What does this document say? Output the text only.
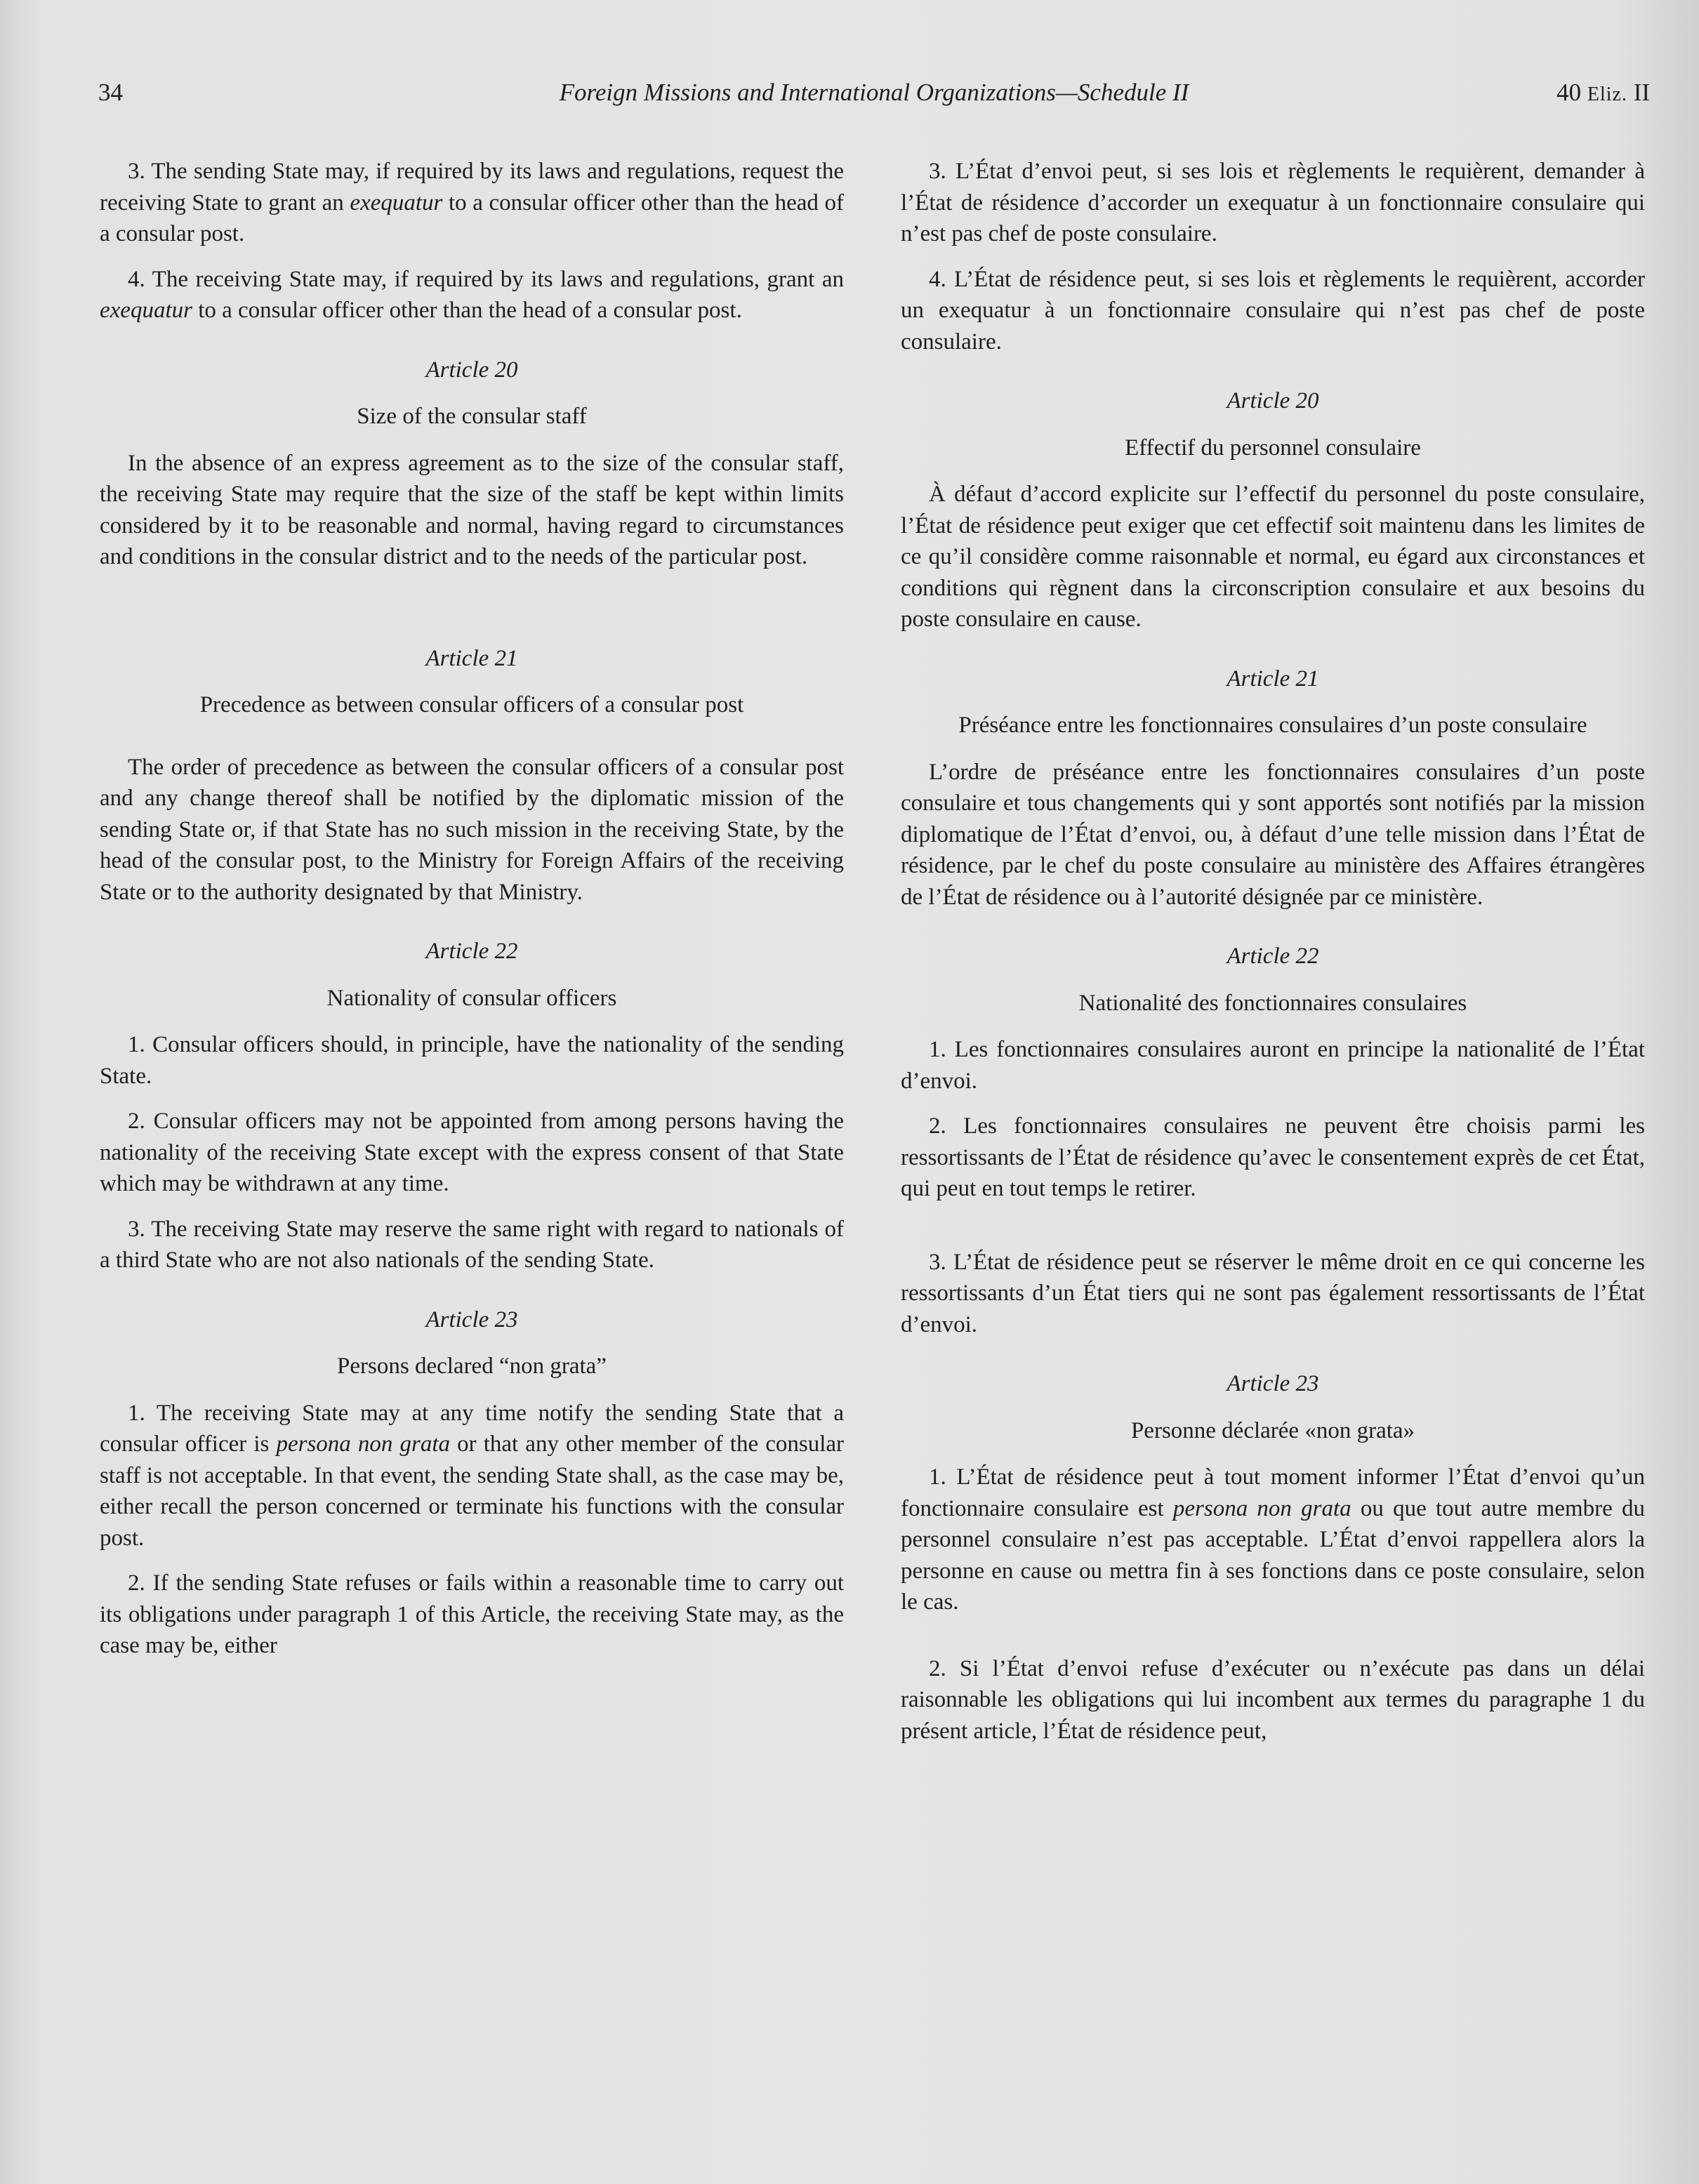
34	Foreign Missions and International Organizations—Schedule II	40 Eliz. II

3. The sending State may, if required by its laws and regulations, request the receiving State to grant an exequatur to a consular officer other than the head of a consular post.

4. The receiving State may, if required by its laws and regulations, grant an exequatur to a consular officer other than the head of a consular post.

Article 20
Size of the consular staff

In the absence of an express agreement as to the size of the consular staff, the receiving State may require that the size of the staff be kept within limits considered by it to be reasonable and normal, having regard to circumstances and conditions in the consular district and to the needs of the particular post.

Article 21
Precedence as between consular officers of a consular post

The order of precedence as between the consular officers of a consular post and any change thereof shall be notified by the diplomatic mission of the sending State or, if that State has no such mission in the receiving State, by the head of the consular post, to the Ministry for Foreign Affairs of the receiving State or to the authority designated by that Ministry.

Article 22
Nationality of consular officers

1. Consular officers should, in principle, have the nationality of the sending State.

2. Consular officers may not be appointed from among persons having the nationality of the receiving State except with the express consent of that State which may be withdrawn at any time.

3. The receiving State may reserve the same right with regard to nationals of a third State who are not also nationals of the sending State.

Article 23
Persons declared “non grata”

1. The receiving State may at any time notify the sending State that a consular officer is persona non grata or that any other member of the consular staff is not acceptable. In that event, the sending State shall, as the case may be, either recall the person concerned or terminate his functions with the consular post.

2. If the sending State refuses or fails within a reasonable time to carry out its obligations under paragraph 1 of this Article, the receiving State may, as the case may be, either

3. L’État d’envoi peut, si ses lois et règlements le requièrent, demander à l’État de résidence d’accorder un exequatur à un fonctionnaire consulaire qui n’est pas chef de poste consulaire.

4. L’État de résidence peut, si ses lois et règlements le requièrent, accorder un exequatur à un fonctionnaire consulaire qui n’est pas chef de poste consulaire.

Article 20
Effectif du personnel consulaire

À défaut d’accord explicite sur l’effectif du personnel du poste consulaire, l’État de résidence peut exiger que cet effectif soit maintenu dans les limites de ce qu’il considère comme raisonnable et normal, eu égard aux circonstances et conditions qui règnent dans la circonscription consulaire et aux besoins du poste consulaire en cause.

Article 21
Préséance entre les fonctionnaires consulaires d’un poste consulaire

L’ordre de préséance entre les fonctionnaires consulaires d’un poste consulaire et tous changements qui y sont apportés sont notifiés par la mission diplomatique de l’État d’envoi, ou, à défaut d’une telle mission dans l’État de résidence, par le chef du poste consulaire au ministère des Affaires étrangères de l’État de résidence ou à l’autorité désignée par ce ministère.

Article 22
Nationalité des fonctionnaires consulaires

1. Les fonctionnaires consulaires auront en principe la nationalité de l’État d’envoi.

2. Les fonctionnaires consulaires ne peuvent être choisis parmi les ressortissants de l’État de résidence qu’avec le consentement exprès de cet État, qui peut en tout temps le retirer.

3. L’État de résidence peut se réserver le même droit en ce qui concerne les ressortissants d’un État tiers qui ne sont pas également ressortissants de l’État d’envoi.

Article 23
Personne déclarée «non grata»

1. L’État de résidence peut à tout moment informer l’État d’envoi qu’un fonctionnaire consulaire est persona non grata ou que tout autre membre du personnel consulaire n’est pas acceptable. L’État d’envoi rappellera alors la personne en cause ou mettra fin à ses fonctions dans ce poste consulaire, selon le cas.

2. Si l’État d’envoi refuse d’exécuter ou n’exécute pas dans un délai raisonnable les obligations qui lui incombent aux termes du paragraphe 1 du présent article, l’État de résidence peut,
